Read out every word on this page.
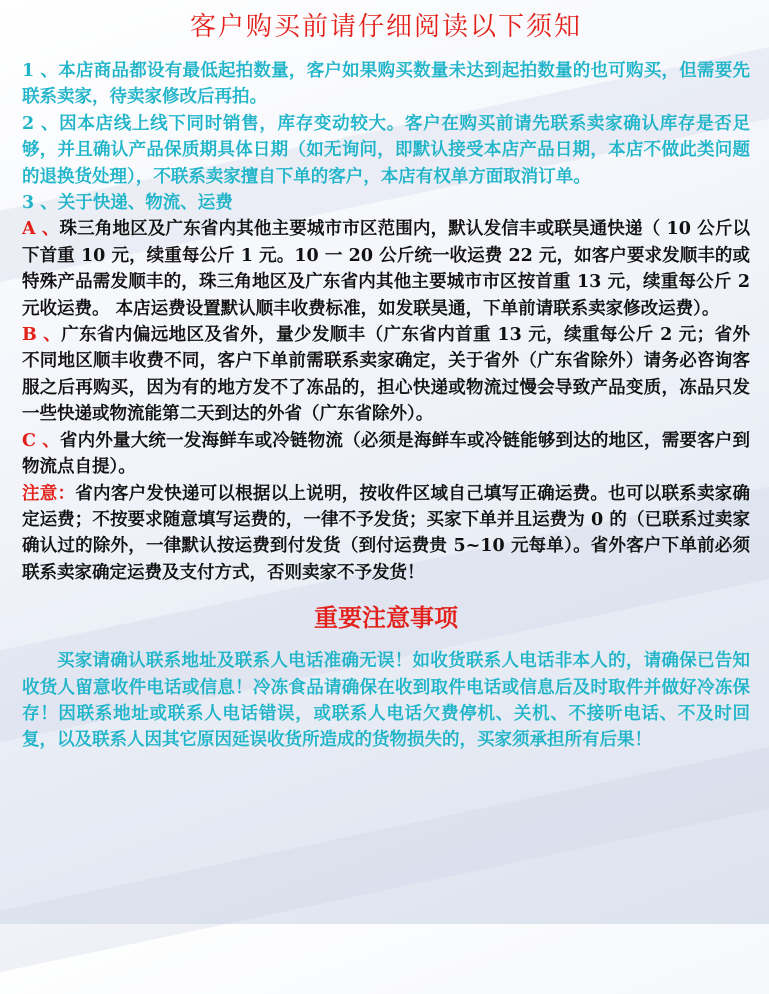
客户购买前请仔细阅读以下须知

1 、本店商品都设有最低起拍数量，客户如果购买数量未达到起拍数量的也可购买，但需要先联系卖家，待卖家修改后再拍。

2 、因本店线上线下同时销售，库存变动较大。客户在购买前请先联系卖家确认库存是否足够，并且确认产品保质期具体日期（如无询问，即默认接受本店产品日期，本店不做此类问题的退换货处理），不联系卖家擅自下单的客户，本店有权单方面取消订单。

3 、关于快递、物流、运费

A 、珠三角地区及广东省内其他主要城市市区范围内，默认发信丰或联昊通快递（ 10 公斤以下首重 10 元，续重每公斤 1 元。10 一 20 公斤统一收运费 22 元，如客户要求发顺丰的或特殊产品需发顺丰的，珠三角地区及广东省内其他主要城市市区按首重 13 元，续重每公斤 2 元收运费。 本店运费设置默认顺丰收费标准，如发联昊通，下单前请联系卖家修改运费）。

B 、广东省内偏远地区及省外，量少发顺丰（广东省内首重 13 元，续重每公斤 2 元；省外不同地区顺丰收费不同，客户下单前需联系卖家确定，关于省外（广东省除外）请务必咨询客服之后再购买，因为有的地方发不了冻品的，担心快递或物流过慢会导致产品变质，冻品只发一些快递或物流能第二天到达的外省（广东省除外）。

C 、省内外量大统一发海鲜车或冷链物流（必须是海鲜车或冷链能够到达的地区，需要客户到物流点自提）。

注意：省内客户发快递可以根据以上说明，按收件区域自己填写正确运费。也可以联系卖家确定运费；不按要求随意填写运费的，一律不予发货；买家下单并且运费为 0 的（已联系过卖家确认过的除外，一律默认按运费到付发货（到付运费贵 5~10 元每单）。省外客户下单前必须联系卖家确定运费及支付方式，否则卖家不予发货！

重要注意事项

买家请确认联系地址及联系人电话准确无误！如收货联系人电话非本人的，请确保已告知收货人留意收件电话或信息！冷冻食品请确保在收到取件电话或信息后及时取件并做好冷冻保存！因联系地址或联系人电话错误，或联系人电话欠费停机、关机、不接听电话、不及时回复，以及联系人因其它原因延误收货所造成的货物损失的，买家须承担所有后果！
